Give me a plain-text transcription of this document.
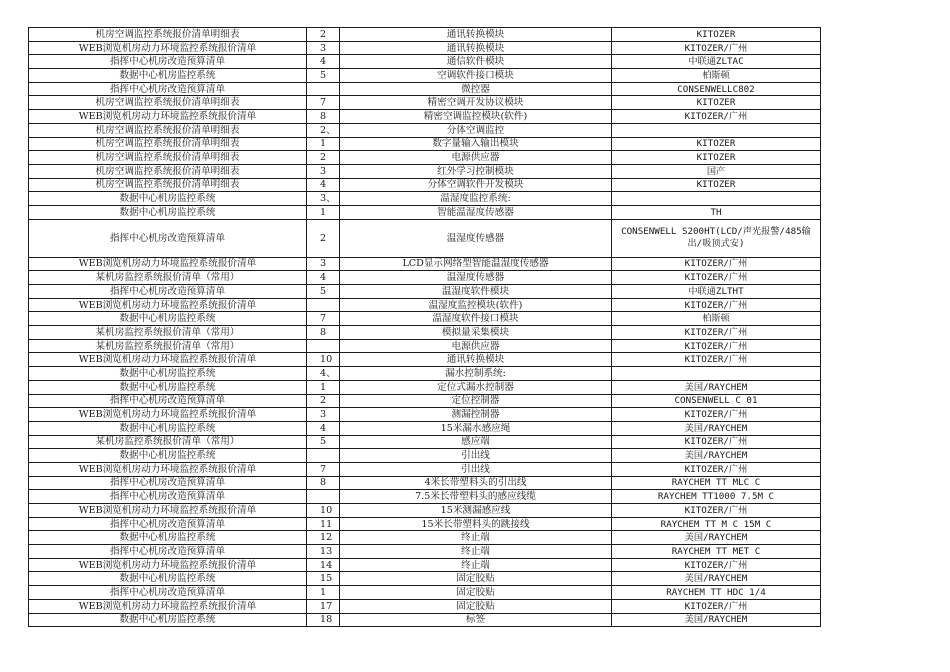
机房空调监控系统报价清单明细表	2	通讯转换模块	KITOZER
WEB浏览机房动力环境监控系统报价清单	3	通讯转换模块	KITOZER/广州
指挥中心机房改造预算清单	4	通信软件模块	中联通ZLTAC
数据中心机房监控系统	5	空调软件接口模块	柏斯顿
指挥中心机房改造预算清单		微控器	CONSENWELLC802
机房空调监控系统报价清单明细表	7	精密空调开发协议模块	KITOZER
WEB浏览机房动力环境监控系统报价清单	8	精密空调监控模块(软件)	KITOZER/广州
机房空调监控系统报价清单明细表	2、	分体空调监控	
机房空调监控系统报价清单明细表	1	数字量输入输出模块	KITOZER
机房空调监控系统报价清单明细表	2	电源供应器	KITOZER
机房空调监控系统报价清单明细表	3	红外学习控制模块	国产
机房空调监控系统报价清单明细表	4	分体空调软件开发模块	KITOZER
数据中心机房监控系统	3、	温湿度监控系统:	
数据中心机房监控系统	1	智能温湿度传感器	TH
指挥中心机房改造预算清单	2	温湿度传感器	CONSENWELL S200HT(LCD/声光报警/485输出/吸顶式安)
WEB浏览机房动力环境监控系统报价清单	3	LCD显示网络型智能温湿度传感器	KITOZER/广州
某机房监控系统报价清单（常用）	4	温湿度传感器	KITOZER/广州
指挥中心机房改造预算清单	5	温湿度软件模块	中联通ZLTHT
WEB浏览机房动力环境监控系统报价清单		温湿度监控模块(软件)	KITOZER/广州
数据中心机房监控系统	7	温湿度软件接口模块	柏斯顿
某机房监控系统报价清单（常用）	8	模拟量采集模块	KITOZER/广州
某机房监控系统报价清单（常用）		电源供应器	KITOZER/广州
WEB浏览机房动力环境监控系统报价清单	10	通讯转换模块	KITOZER/广州
数据中心机房监控系统	4、	漏水控制系统:	
数据中心机房监控系统	1	定位式漏水控制器	美国/RAYCHEM
指挥中心机房改造预算清单	2	定位控制器	CONSENWELL C 01
WEB浏览机房动力环境监控系统报价清单	3	测漏控制器	KITOZER/广州
数据中心机房监控系统	4	15米漏水感应绳	美国/RAYCHEM
某机房监控系统报价清单（常用）	5	感应端	KITOZER/广州
数据中心机房监控系统		引出线	美国/RAYCHEM
WEB浏览机房动力环境监控系统报价清单	7	引出线	KITOZER/广州
指挥中心机房改造预算清单	8	4米长带塑料头的引出线	RAYCHEM TT MLC C
指挥中心机房改造预算清单		7.5米长带塑料头的感应线缆	RAYCHEM TT1000 7.5M C
WEB浏览机房动力环境监控系统报价清单	10	15米测漏感应线	KITOZER/广州
指挥中心机房改造预算清单	11	15米长带塑料头的跳接线	RAYCHEM TT M C 15M C
数据中心机房监控系统	12	终止端	美国/RAYCHEM
指挥中心机房改造预算清单	13	终止端	RAYCHEM TT MET C
WEB浏览机房动力环境监控系统报价清单	14	终止端	KITOZER/广州
数据中心机房监控系统	15	固定胶贴	美国/RAYCHEM
指挥中心机房改造预算清单	1	固定胶贴	RAYCHEM TT HDC 1/4
WEB浏览机房动力环境监控系统报价清单	17	固定胶贴	KITOZER/广州
数据中心机房监控系统	18	标签	美国/RAYCHEM
